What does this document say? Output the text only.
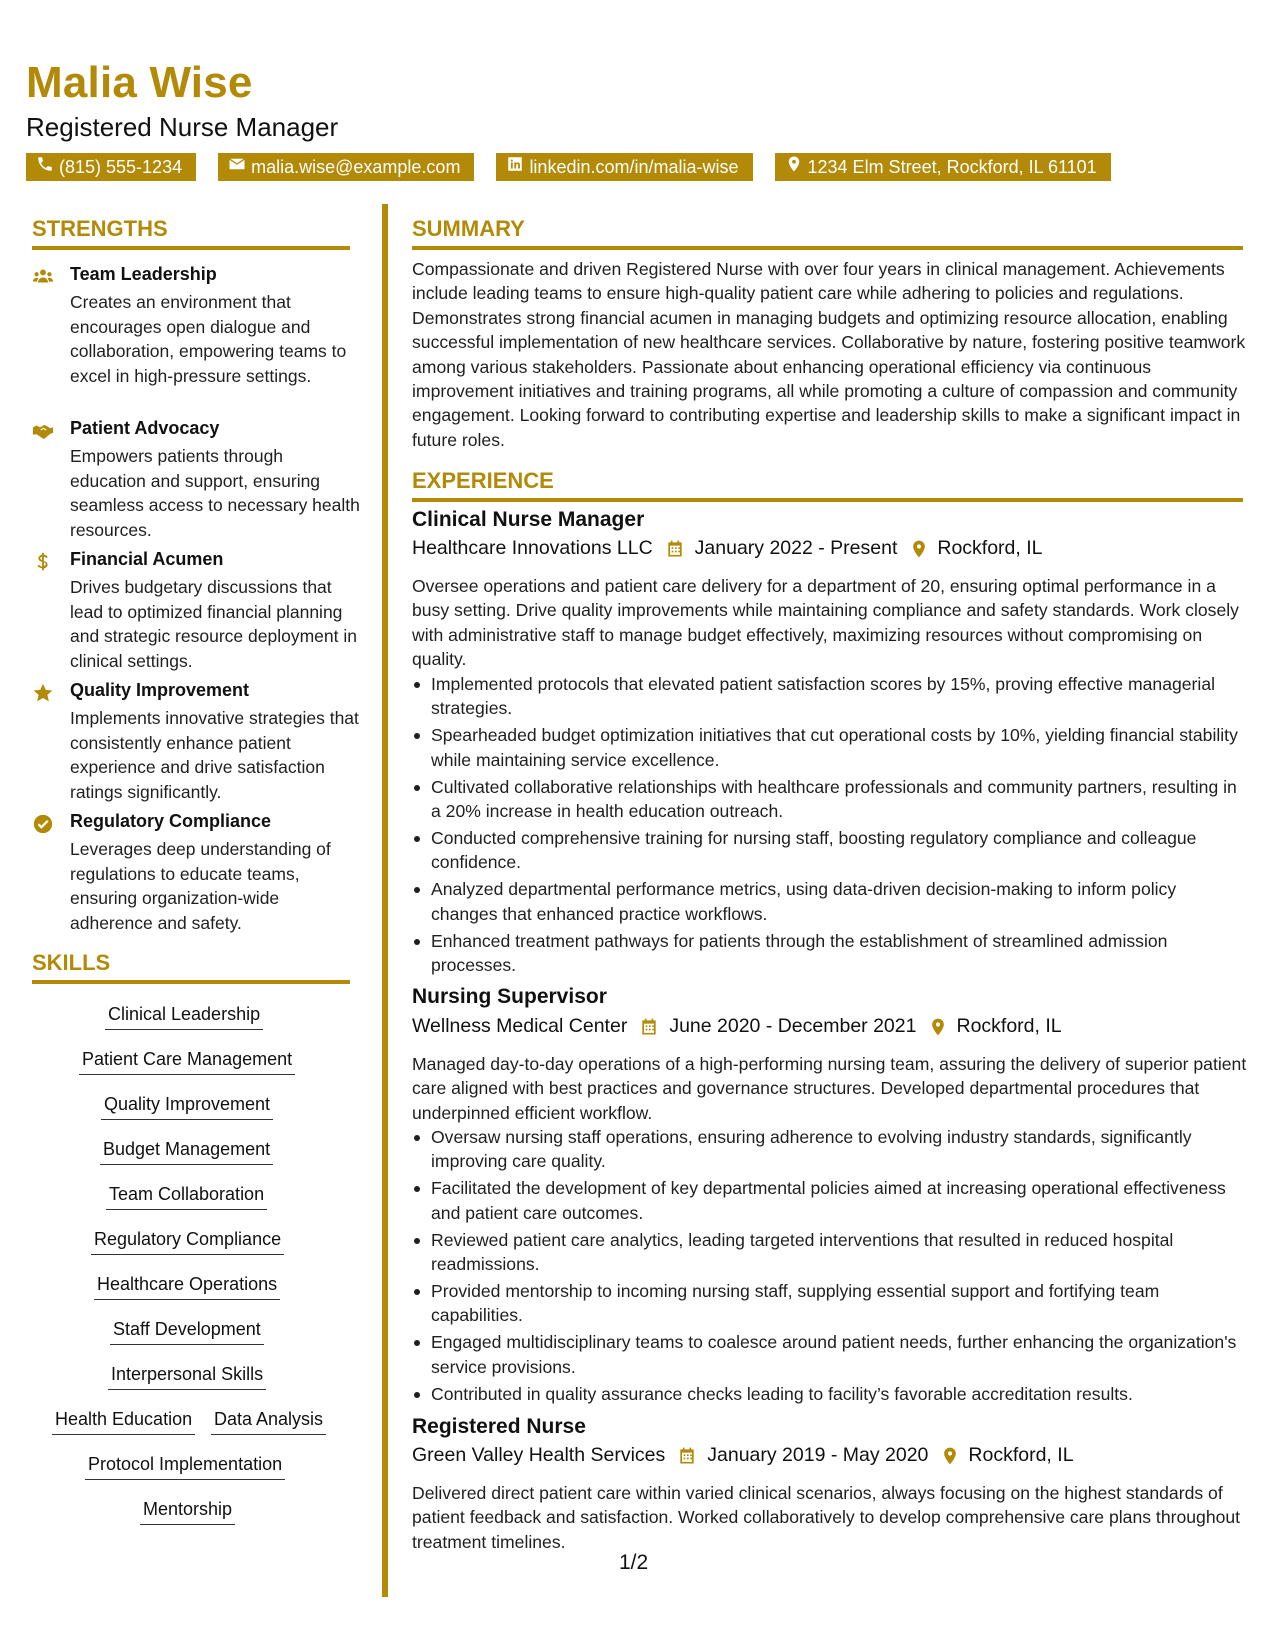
Malia Wise
Registered Nurse Manager
(815) 555-1234	malia.wise@example.com	linkedin.com/in/malia-wise	1234 Elm Street, Rockford, IL 61101
STRENGTHS
Team Leadership
Creates an environment that encourages open dialogue and collaboration, empowering teams to excel in high-pressure settings.
Patient Advocacy
Empowers patients through education and support, ensuring seamless access to necessary health resources.
Financial Acumen
Drives budgetary discussions that lead to optimized financial planning and strategic resource deployment in clinical settings.
Quality Improvement
Implements innovative strategies that consistently enhance patient experience and drive satisfaction ratings significantly.
Regulatory Compliance
Leverages deep understanding of regulations to educate teams, ensuring organization-wide adherence and safety.
SKILLS
Clinical Leadership
Patient Care Management
Quality Improvement
Budget Management
Team Collaboration
Regulatory Compliance
Healthcare Operations
Staff Development
Interpersonal Skills
Health Education Data Analysis
Protocol Implementation
Mentorship
SUMMARY
Compassionate and driven Registered Nurse with over four years in clinical management. Achievements include leading teams to ensure high-quality patient care while adhering to policies and regulations. Demonstrates strong financial acumen in managing budgets and optimizing resource allocation, enabling successful implementation of new healthcare services. Collaborative by nature, fostering positive teamwork among various stakeholders. Passionate about enhancing operational efficiency via continuous improvement initiatives and training programs, all while promoting a culture of compassion and community engagement. Looking forward to contributing expertise and leadership skills to make a significant impact in future roles.
EXPERIENCE
Clinical Nurse Manager
Healthcare Innovations LLC January 2022 - Present Rockford, IL
Oversee operations and patient care delivery for a department of 20, ensuring optimal performance in a busy setting. Drive quality improvements while maintaining compliance and safety standards. Work closely with administrative staff to manage budget effectively, maximizing resources without compromising on quality.
Implemented protocols that elevated patient satisfaction scores by 15%, proving effective managerial strategies.
Spearheaded budget optimization initiatives that cut operational costs by 10%, yielding financial stability while maintaining service excellence.
Cultivated collaborative relationships with healthcare professionals and community partners, resulting in a 20% increase in health education outreach.
Conducted comprehensive training for nursing staff, boosting regulatory compliance and colleague confidence.
Analyzed departmental performance metrics, using data-driven decision-making to inform policy changes that enhanced practice workflows.
Enhanced treatment pathways for patients through the establishment of streamlined admission processes.
Nursing Supervisor
Wellness Medical Center June 2020 - December 2021 Rockford, IL
Managed day-to-day operations of a high-performing nursing team, assuring the delivery of superior patient care aligned with best practices and governance structures. Developed departmental procedures that underpinned efficient workflow.
Oversaw nursing staff operations, ensuring adherence to evolving industry standards, significantly improving care quality.
Facilitated the development of key departmental policies aimed at increasing operational effectiveness and patient care outcomes.
Reviewed patient care analytics, leading targeted interventions that resulted in reduced hospital readmissions.
Provided mentorship to incoming nursing staff, supplying essential support and fortifying team capabilities.
Engaged multidisciplinary teams to coalesce around patient needs, further enhancing the organization's service provisions.
Contributed in quality assurance checks leading to facility’s favorable accreditation results.
Registered Nurse
Green Valley Health Services January 2019 - May 2020 Rockford, IL
Delivered direct patient care within varied clinical scenarios, always focusing on the highest standards of patient feedback and satisfaction. Worked collaboratively to develop comprehensive care plans throughout treatment timelines.
1/2
